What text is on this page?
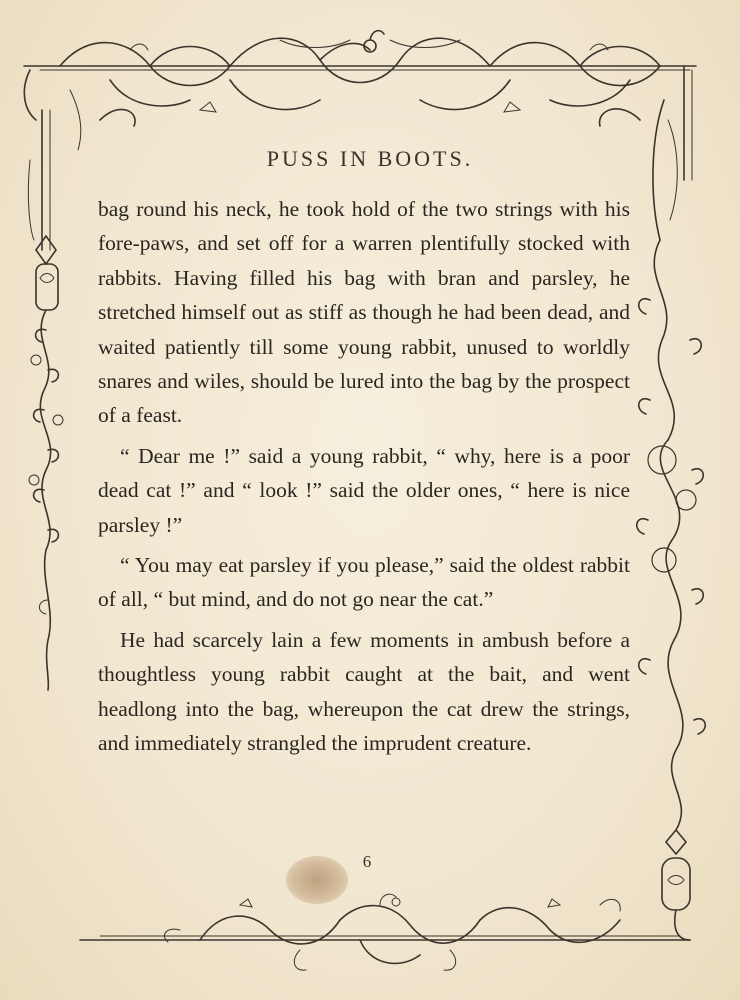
PUSS IN BOOTS.

bag round his neck, he took hold of the two strings with his fore-paws, and set off for a warren plentifully stocked with rabbits. Having filled his bag with bran and parsley, he stretched himself out as stiff as though he had been dead, and waited patiently till some young rabbit, unused to worldly snares and wiles, should be lured into the bag by the prospect of a feast.

“ Dear me !” said a young rabbit, “ why, here is a poor dead cat !” and “ look !” said the older ones, “ here is nice parsley !”

“ You may eat parsley if you please,” said the oldest rabbit of all, “ but mind, and do not go near the cat.”

He had scarcely lain a few moments in ambush before a thoughtless young rabbit caught at the bait, and went headlong into the bag, whereupon the cat drew the strings, and immediately strangled the imprudent creature.

6
